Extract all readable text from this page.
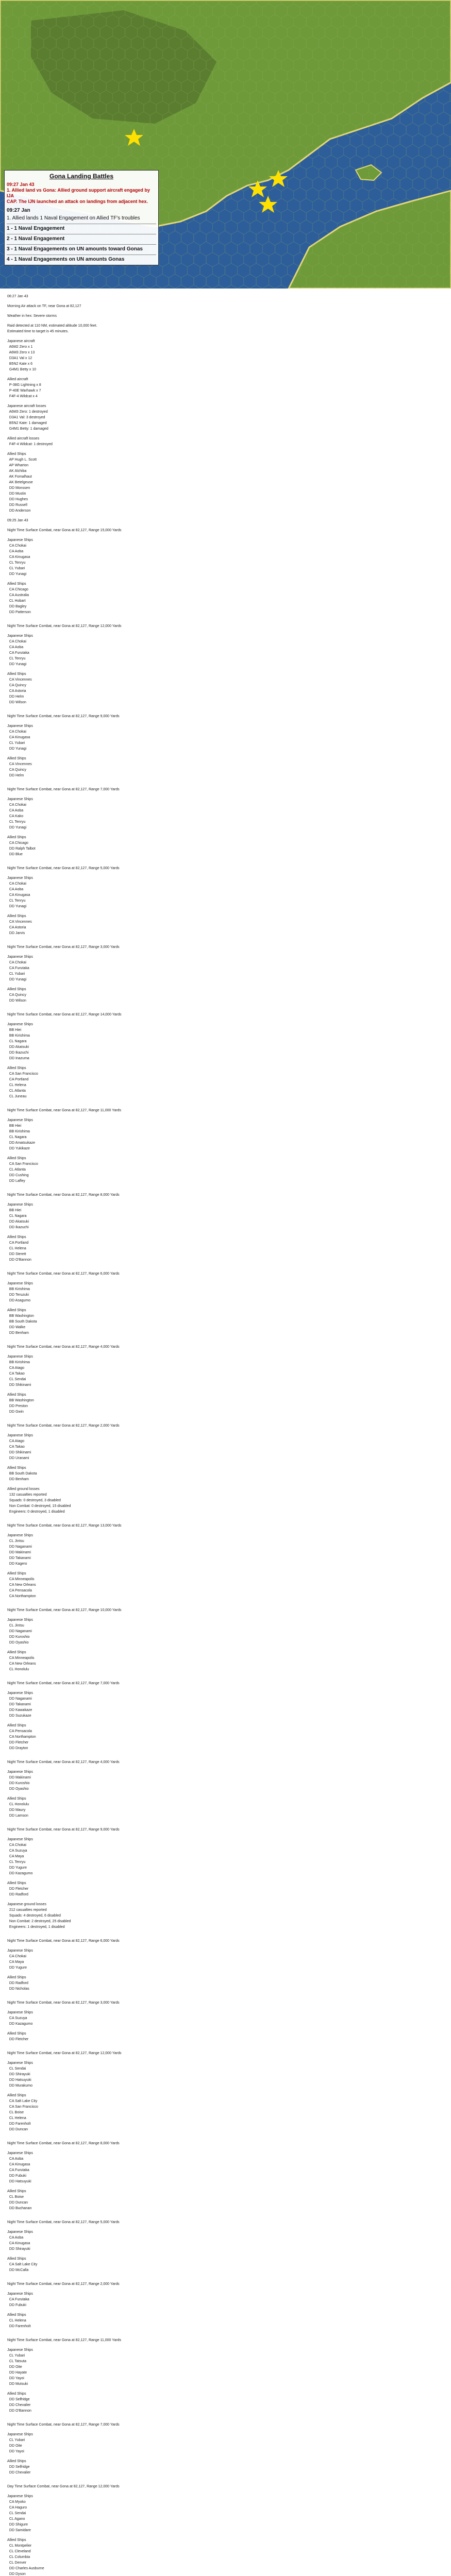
Gona Landing Battles
09:27 Jan 43
1. Allied land vs Gona: Allied ground support aircraft engaged by IJA
CAP. The IJN launched an attack on landings from adjacent hex.
09:27 Jan
1. Allied lands 1 Naval Engagement on Allied TF's troubles
1 - 1 Naval Engagement
2 - 1 Naval Engagement
3 - 1 Naval Engagements on UN amounts toward Gonas
4 - 1 Naval Engagements on UN amounts Gonas
06:27 Jan 43
Morning Air attack on TF, near Gona at 82,127
Weather in hex: Severe storms
Raid detected at 110 NM, estimated altitude 10,000 feet.
Estimated time to target is 45 minutes.
Japanese aircraft
A6M2 Zero x 1
A6M3 Zero x 13
D3A1 Val x 12
B5N2 Kate x 6
G4M1 Betty x 10
Allied aircraft
P-38G Lightning x 8
P-40E Warhawk x 7
F4F-4 Wildcat x 4
Japanese aircraft losses
A6M3 Zero: 1 destroyed
D3A1 Val: 3 destroyed
B5N2 Kate: 1 damaged
G4M1 Betty: 1 damaged
Allied aircraft losses
F4F-4 Wildcat: 1 destroyed
Allied Ships
AP Hugh L. Scott
AP Wharton
AK Alchiba
AK Fomalhaut
AK Betelgeuse
DD Monssen
DD Mustin
DD Hughes
DD Russell
DD Anderson
09:25 Jan 43
Night Time Surface Combat, near Gona at 82,127, Range 15,000 Yards
Japanese Ships
CA Chokai
CA Aoba
CA Kinugasa
CL Tenryu
CL Yubari
DD Yunagi
Allied Ships
CA Chicago
CA Australia
CL Hobart
DD Bagley
DD Patterson
Night Time Surface Combat, near Gona at 82,127, Range 12,000 Yards
Japanese Ships
CA Chokai
CA Aoba
CA Furutaka
CL Tenryu
DD Yunagi
Allied Ships
CA Vincennes
CA Quincy
CA Astoria
DD Helm
DD Wilson
Night Time Surface Combat, near Gona at 82,127, Range 9,000 Yards
Japanese Ships
CA Chokai
CA Kinugasa
CL Yubari
DD Yunagi
Allied Ships
CA Vincennes
CA Quincy
DD Helm
Night Time Surface Combat, near Gona at 82,127, Range 7,000 Yards
Japanese Ships
CA Chokai
CA Aoba
CA Kako
CL Tenryu
DD Yunagi
Allied Ships
CA Chicago
DD Ralph Talbot
DD Blue
Night Time Surface Combat, near Gona at 82,127, Range 5,000 Yards
Japanese Ships
CA Chokai
CA Aoba
CA Kinugasa
CL Tenryu
DD Yunagi
Allied Ships
CA Vincennes
CA Astoria
DD Jarvis
Night Time Surface Combat, near Gona at 82,127, Range 3,000 Yards
Japanese Ships
CA Chokai
CA Furutaka
CL Yubari
DD Yunagi
Allied Ships
CA Quincy
DD Wilson
Night Time Surface Combat, near Gona at 82,127, Range 14,000 Yards
Japanese Ships
BB Hiei
BB Kirishima
CL Nagara
DD Akatsuki
DD Ikazuchi
DD Inazuma
Allied Ships
CA San Francisco
CA Portland
CL Helena
CL Atlanta
CL Juneau
Night Time Surface Combat, near Gona at 82,127, Range 11,000 Yards
Japanese Ships
BB Hiei
BB Kirishima
CL Nagara
DD Amatsukaze
DD Yukikaze
Allied Ships
CA San Francisco
CL Atlanta
DD Cushing
DD Laffey
Night Time Surface Combat, near Gona at 82,127, Range 8,000 Yards
Japanese Ships
BB Hiei
CL Nagara
DD Akatsuki
DD Ikazuchi
Allied Ships
CA Portland
CL Helena
DD Sterett
DD O'Bannon
Night Time Surface Combat, near Gona at 82,127, Range 6,000 Yards
Japanese Ships
BB Kirishima
DD Teruzuki
DD Asagumo
Allied Ships
BB Washington
BB South Dakota
DD Walke
DD Benham
Night Time Surface Combat, near Gona at 82,127, Range 4,000 Yards
Japanese Ships
BB Kirishima
CA Atago
CA Takao
CL Sendai
DD Shikinami
Allied Ships
BB Washington
DD Preston
DD Gwin
Night Time Surface Combat, near Gona at 82,127, Range 2,000 Yards
Japanese Ships
CA Atago
CA Takao
DD Shikinami
DD Uranami
Allied Ships
BB South Dakota
DD Benham
Allied ground losses
132 casualties reported
Squads: 0 destroyed, 3 disabled
Non Combat: 0 destroyed, 15 disabled
Engineers: 0 destroyed, 1 disabled
Night Time Surface Combat, near Gona at 82,127, Range 13,000 Yards
Japanese Ships
CL Jintsu
DD Naganami
DD Makinami
DD Takanami
DD Kagero
Allied Ships
CA Minneapolis
CA New Orleans
CA Pensacola
CA Northampton
Night Time Surface Combat, near Gona at 82,127, Range 10,000 Yards
Japanese Ships
CL Jintsu
DD Naganami
DD Kuroshio
DD Oyashio
Allied Ships
CA Minneapolis
CA New Orleans
CL Honolulu
Night Time Surface Combat, near Gona at 82,127, Range 7,000 Yards
Japanese Ships
DD Naganami
DD Takanami
DD Kawakaze
DD Suzukaze
Allied Ships
CA Pensacola
CA Northampton
DD Fletcher
DD Drayton
Night Time Surface Combat, near Gona at 82,127, Range 4,000 Yards
Japanese Ships
DD Makinami
DD Kuroshio
DD Oyashio
Allied Ships
CL Honolulu
DD Maury
DD Lamson
Night Time Surface Combat, near Gona at 82,127, Range 9,000 Yards
Japanese Ships
CA Chokai
CA Suzuya
CA Maya
CL Tenryu
DD Yugure
DD Kazagumo
Allied Ships
DD Fletcher
DD Radford
Japanese ground losses
212 casualties reported
Squads: 4 destroyed, 6 disabled
Non Combat: 2 destroyed, 25 disabled
Engineers: 1 destroyed, 1 disabled
Night Time Surface Combat, near Gona at 82,127, Range 6,000 Yards
Japanese Ships
CA Chokai
CA Maya
DD Yugure
Allied Ships
DD Radford
DD Nicholas
Night Time Surface Combat, near Gona at 82,127, Range 3,000 Yards
Japanese Ships
CA Suzuya
DD Kazagumo
Allied Ships
DD Fletcher
Night Time Surface Combat, near Gona at 82,127, Range 12,000 Yards
Japanese Ships
CL Sendai
DD Shirayuki
DD Hatsuyuki
DD Murakumo
Allied Ships
CA Salt Lake City
CA San Francisco
CL Boise
CL Helena
DD Farenholt
DD Duncan
Night Time Surface Combat, near Gona at 82,127, Range 8,000 Yards
Japanese Ships
CA Aoba
CA Kinugasa
CA Furutaka
DD Fubuki
DD Hatsuyuki
Allied Ships
CL Boise
DD Duncan
DD Buchanan
Night Time Surface Combat, near Gona at 82,127, Range 5,000 Yards
Japanese Ships
CA Aoba
CA Kinugasa
DD Shirayuki
Allied Ships
CA Salt Lake City
DD McCalla
Night Time Surface Combat, near Gona at 82,127, Range 2,000 Yards
Japanese Ships
CA Furutaka
DD Fubuki
Allied Ships
CL Helena
DD Farenholt
Night Time Surface Combat, near Gona at 82,127, Range 11,000 Yards
Japanese Ships
CL Yubari
CL Tatsuta
DD Oite
DD Hayate
DD Yayoi
DD Mutsuki
Allied Ships
DD Selfridge
DD Chevalier
DD O'Bannon
Night Time Surface Combat, near Gona at 82,127, Range 7,000 Yards
Japanese Ships
CL Yubari
DD Oite
DD Yayoi
Allied Ships
DD Selfridge
DD Chevalier
Day Time Surface Combat, near Gona at 82,127, Range 12,000 Yards
Japanese Ships
CA Myoko
CA Haguro
CL Sendai
CL Agano
DD Shigure
DD Samidare
Allied Ships
CL Montpelier
CL Cleveland
CL Columbia
CL Denver
DD Charles Ausburne
DD Dyson
